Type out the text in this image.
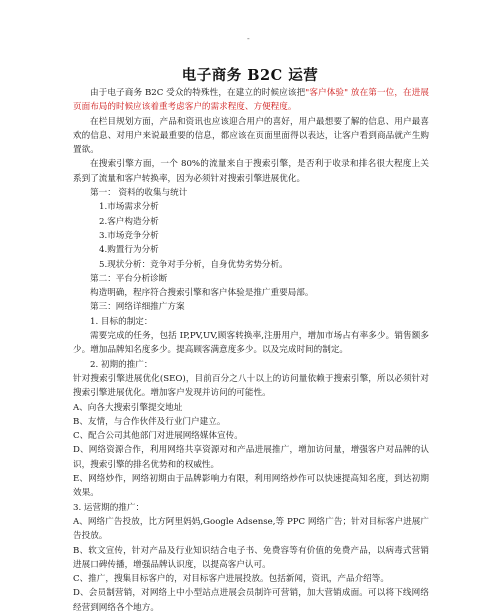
-
电子商务 B2C 运营

由于电子商务 B2C 受众的特殊性，在建立的时候应该把"客户体验" 放在第一位，在进展页面布局的时候应该着重考虑客户的需求程度、方便程度。

在栏目规划方面，产品和资讯也应该迎合用户的喜好，用户最想要了解的信息、用户最喜欢的信息、对用户来说最重要的信息，都应该在页面里面得以表达，让客户看到商品就产生购置欲。

在搜索引擎方面，一个 80%的流量来自于搜索引擎，是否利于收录和排名很大程度上关系到了流量和客户转换率，因为必须针对搜索引擎进展优化。

第一： 资料的收集与统计

1.市场需求分析

2.客户构造分析

3.市场竞争分析

4.购置行为分析

5.现状分析：竞争对手分析，自身优势劣势分析。

第二：平台分析诊断

构造明确，程序符合搜索引擎和客户体验是推广重要局部。

第三：网络详细推广方案

1. 目标的制定：

需要完成的任务，包括 IP,PV,UV,顾客转换率,注册用户，增加市场占有率多少。销售额多少。增加品牌知名度多少。提高顾客满意度多少。以及完成时间的制定。

2. 初期的推广：

针对搜索引擎进展优化(SEO)，目前百分之八十以上的访问量依赖于搜索引擎，所以必须针对搜索引擎进展优化。增加客户发现并访问的可能性。

A、向各大搜索引擎提交地址

B、友情，与合作伙伴及行业门户建立。

C、配合公司其他部门对进展网络媒体宣传。

D、网络资源合作，利用网络共享资源对和产品进展推广，增加访问量，增强客户对品牌的认识，搜索引擎的排名优势和的权威性。

E、网络炒作，网络初期由于品牌影响力有限，利用网络炒作可以快速提高知名度，到达初期效果。

3. 运营期的推广：

A、网络广告投放，比方阿里妈妈,Google Adsense,等 PPC 网络广告；针对目标客户进展广告投放。

B、软文宣传，针对产品及行业知识结合电子书、免费容等有价值的免费产品，以病毒式营销进展口碑传播，增强品牌认识度，以提高客户认可。

C、推广，搜集目标客户的，对目标客户进展投放。包括新闻，资讯，产品介绍等。

D、会员制营销，对网络上中小型站点进展会员制许可营销，加大营销成面。可以将下线网络经营到网络各个地方。
